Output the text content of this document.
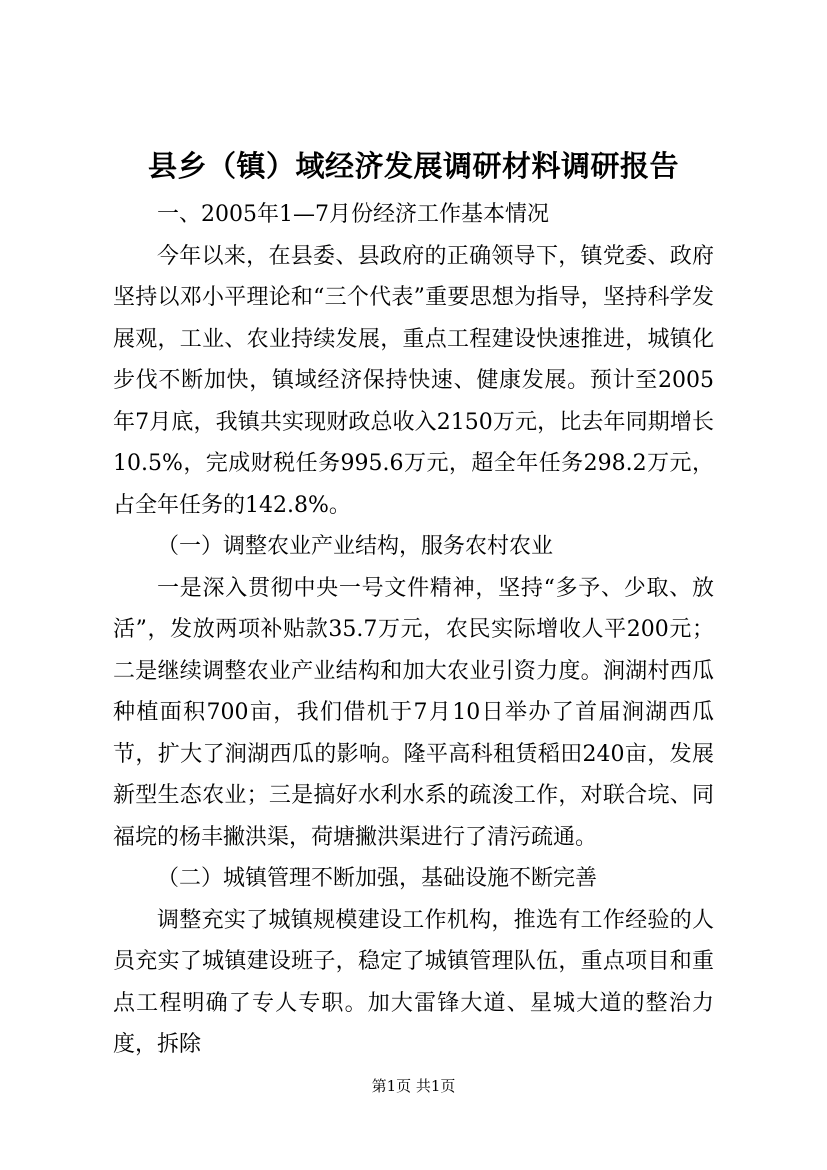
县乡（镇）域经济发展调研材料调研报告

一、2005年1—7月份经济工作基本情况

今年以来，在县委、县政府的正确领导下，镇党委、政府坚持以邓小平理论和“三个代表”重要思想为指导，坚持科学发展观，工业、农业持续发展，重点工程建设快速推进，城镇化步伐不断加快，镇域经济保持快速、健康发展。预计至2005年7月底，我镇共实现财政总收入2150万元，比去年同期增长10.5%，完成财税任务995.6万元，超全年任务298.2万元，占全年任务的142.8%。

（一）调整农业产业结构，服务农村农业

一是深入贯彻中央一号文件精神，坚持“多予、少取、放活”，发放两项补贴款35.7万元，农民实际增收人平200元；二是继续调整农业产业结构和加大农业引资力度。涧湖村西瓜种植面积700亩，我们借机于7月10日举办了首届涧湖西瓜节，扩大了涧湖西瓜的影响。隆平高科租赁稻田240亩，发展新型生态农业；三是搞好水利水系的疏浚工作，对联合垸、同福垸的杨丰撇洪渠，荷塘撇洪渠进行了清污疏通。

（二）城镇管理不断加强，基础设施不断完善

调整充实了城镇规模建设工作机构，推选有工作经验的人员充实了城镇建设班子，稳定了城镇管理队伍，重点项目和重点工程明确了专人专职。加大雷锋大道、星城大道的整治力度，拆除

第1页 共1页
